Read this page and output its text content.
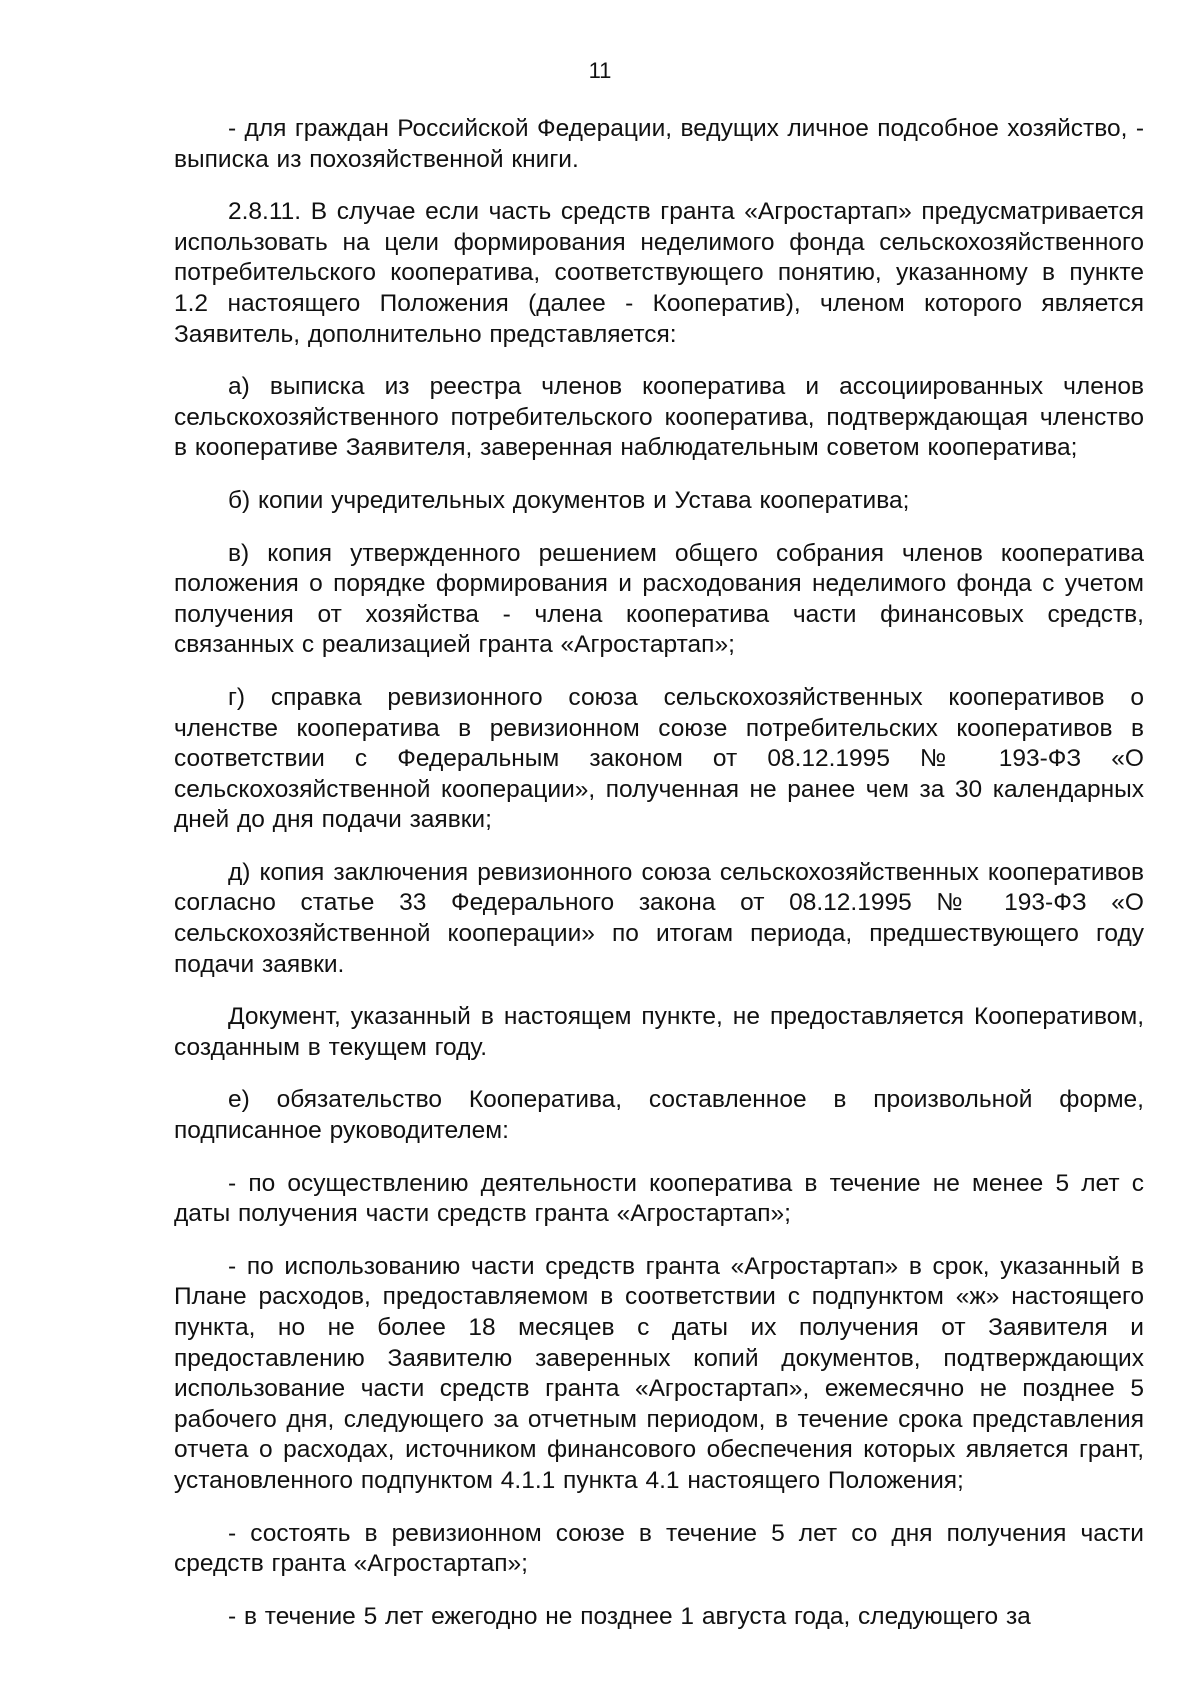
11

- для граждан Российской Федерации, ведущих личное подсобное хозяйство, - выписка из похозяйственной книги.

2.8.11. В случае если часть средств гранта «Агростартап» предусматривается использовать на цели формирования неделимого фонда сельскохозяйственного потребительского кооператива, соответствующего понятию, указанному в пункте 1.2 настоящего Положения (далее - Кооператив), членом которого является Заявитель, дополнительно представляется:

а) выписка из реестра членов кооператива и ассоциированных членов сельскохозяйственного потребительского кооператива, подтверждающая членство в кооперативе Заявителя, заверенная наблюдательным советом кооператива;

б) копии учредительных документов и Устава кооператива;

в) копия утвержденного решением общего собрания членов кооператива положения о порядке формирования и расходования неделимого фонда с учетом получения от хозяйства - члена кооператива части финансовых средств, связанных с реализацией гранта «Агростартап»;

г) справка ревизионного союза сельскохозяйственных кооперативов о членстве кооператива в ревизионном союзе потребительских кооперативов в соответствии с Федеральным законом от 08.12.1995 № 193-ФЗ «О сельскохозяйственной кооперации», полученная не ранее чем за 30 календарных дней до дня подачи заявки;

д) копия заключения ревизионного союза сельскохозяйственных кооперативов согласно статье 33 Федерального закона от 08.12.1995 № 193-ФЗ «О сельскохозяйственной кооперации» по итогам периода, предшествующего году подачи заявки.

Документ, указанный в настоящем пункте, не предоставляется Кооперативом, созданным в текущем году.

е) обязательство Кооператива, составленное в произвольной форме, подписанное руководителем:

- по осуществлению деятельности кооператива в течение не менее 5 лет с даты получения части средств гранта «Агростартап»;

- по использованию части средств гранта «Агростартап» в срок, указанный в Плане расходов, предоставляемом в соответствии с подпунктом «ж» настоящего пункта, но не более 18 месяцев с даты их получения от Заявителя и предоставлению Заявителю заверенных копий документов, подтверждающих использование части средств гранта «Агростартап», ежемесячно не позднее 5 рабочего дня, следующего за отчетным периодом, в течение срока представления отчета о расходах, источником финансового обеспечения которых является грант, установленного подпунктом 4.1.1 пункта 4.1 настоящего Положения;

- состоять в ревизионном союзе в течение 5 лет со дня получения части средств гранта «Агростартап»;

- в течение 5 лет ежегодно не позднее 1 августа года, следующего за
